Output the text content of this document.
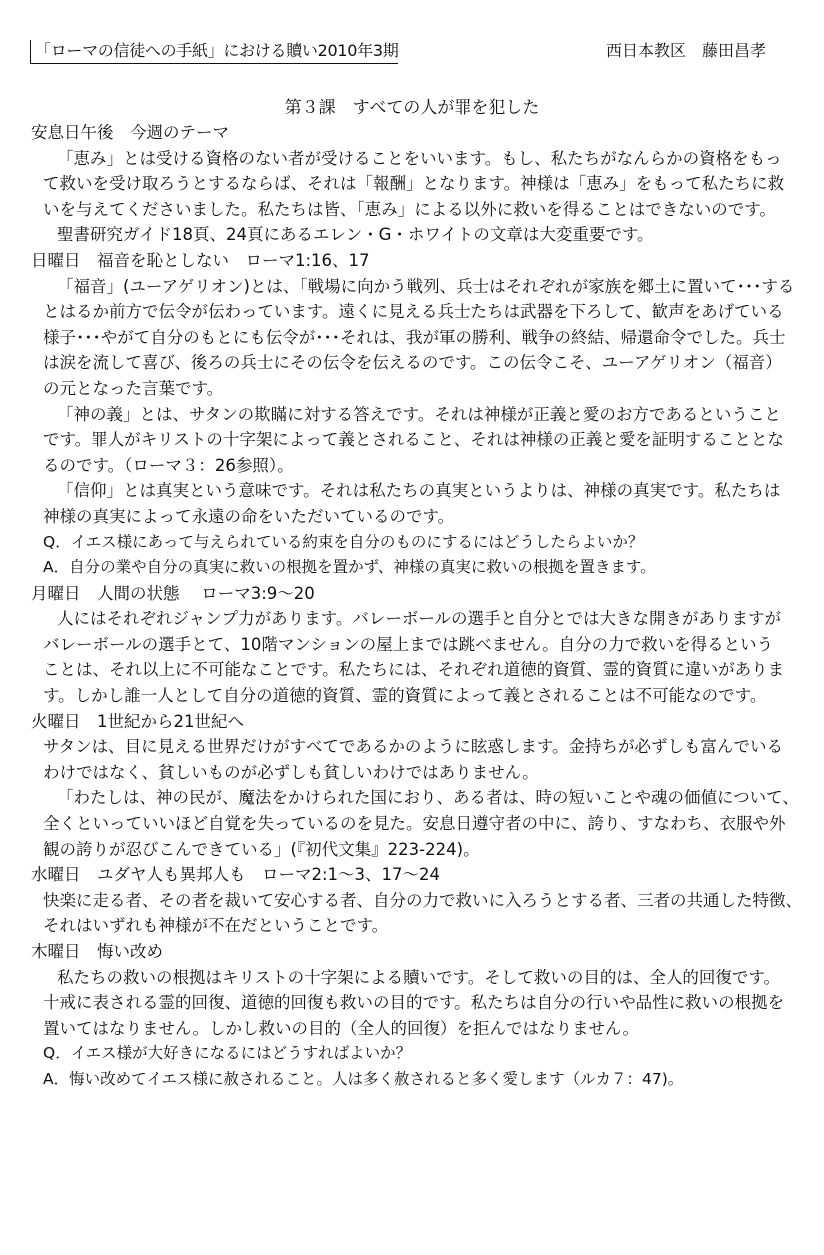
「ローマの信徒への手紙」における贖い2010年3期	西日本教区　藤田昌孝
第３課　すべての人が罪を犯した
安息日午後　今週のテーマ
「恵み」とは受ける資格のない者が受けることをいいます。もし、私たちがなんらかの資格をもっ
て救いを受け取ろうとするならば、それは「報酬」となります。神様は「恵み」をもって私たちに救
いを与えてくださいました。私たちは皆、「恵み」による以外に救いを得ることはできないのです。
聖書研究ガイド18頁、24頁にあるエレン・G・ホワイトの文章は大変重要です。
日曜日　福音を恥としない　ローマ1:16、17
「福音」(ユーアゲリオン)とは、「戦場に向かう戦列、兵士はそれぞれが家族を郷土に置いて･･･する
とはるか前方で伝令が伝わっています。遠くに見える兵士たちは武器を下ろして、歓声をあげている
様子･･･やがて自分のもとにも伝令が･･･それは、我が軍の勝利、戦争の終結、帰還命令でした。兵士
は涙を流して喜び、後ろの兵士にその伝令を伝えるのです。この伝令こそ、ユーアゲリオン（福音）
の元となった言葉です。
「神の義」とは、サタンの欺瞞に対する答えです。それは神様が正義と愛のお方であるということ
です。罪人がキリストの十字架によって義とされること、それは神様の正義と愛を証明することとな
るのです。（ローマ３：26参照）。
「信仰」とは真実という意味です。それは私たちの真実というよりは、神様の真実です。私たちは
神様の真実によって永遠の命をいただいているのです。
Q．イエス様にあって与えられている約束を自分のものにするにはどうしたらよいか？
A．自分の業や自分の真実に救いの根拠を置かず、神様の真実に救いの根拠を置きます。
月曜日　人間の状態　 ローマ3:9〜20
人にはそれぞれジャンプ力があります。バレーボールの選手と自分とでは大きな開きがありますが
バレーボールの選手とて、10階マンションの屋上までは跳べません。自分の力で救いを得るという
ことは、それ以上に不可能なことです。私たちには、それぞれ道徳的資質、霊的資質に違いがありま
す。しかし誰一人として自分の道徳的資質、霊的資質によって義とされることは不可能なのです。
火曜日　1世紀から21世紀へ
サタンは、目に見える世界だけがすべてであるかのように眩惑します。金持ちが必ずしも富んでいる
わけではなく、貧しいものが必ずしも貧しいわけではありません。
「わたしは、神の民が、魔法をかけられた国におり、ある者は、時の短いことや魂の価値について、
全くといっていいほど自覚を失っているのを見た。安息日遵守者の中に、誇り、すなわち、衣服や外
観の誇りが忍びこんできている」(『初代文集』223-224)。
水曜日　ユダヤ人も異邦人も　ローマ2:1〜3、17〜24
快楽に走る者、その者を裁いて安心する者、自分の力で救いに入ろうとする者、三者の共通した特徴、
それはいずれも神様が不在だということです。
木曜日　悔い改め
私たちの救いの根拠はキリストの十字架による贖いです。そして救いの目的は、全人的回復です。
十戒に表される霊的回復、道徳的回復も救いの目的です。私たちは自分の行いや品性に救いの根拠を
置いてはなりません。しかし救いの目的（全人的回復）を拒んではなりません。
Q．イエス様が大好きになるにはどうすればよいか？
A．悔い改めてイエス様に赦されること。人は多く赦されると多く愛します（ルカ７：47)。
